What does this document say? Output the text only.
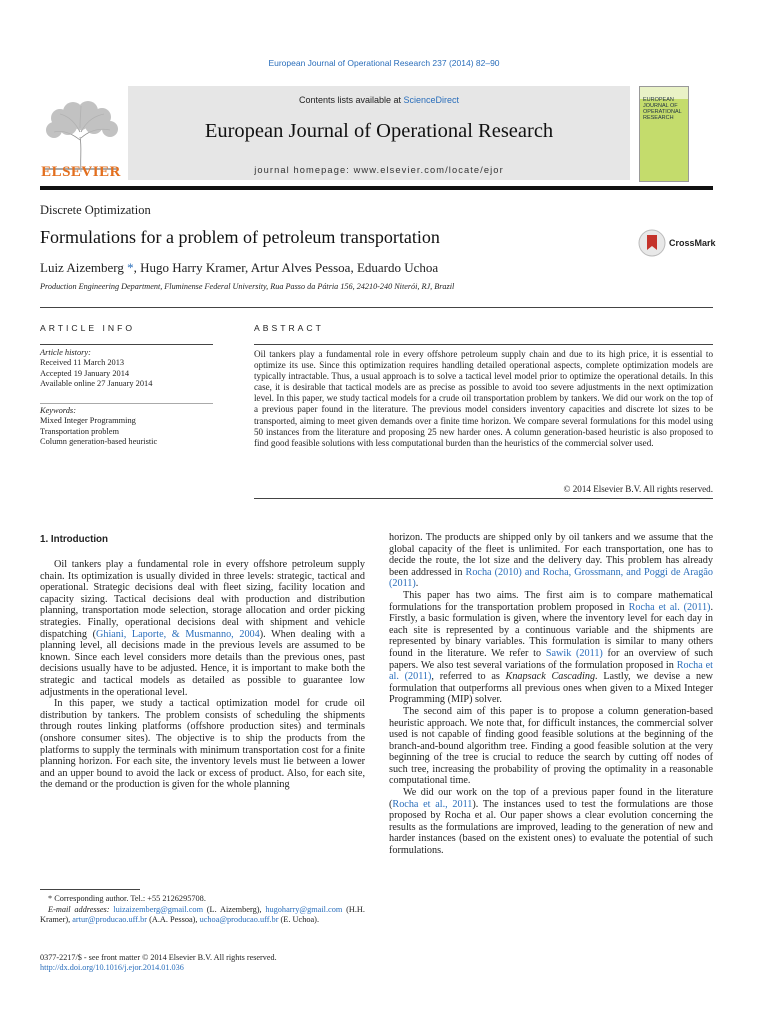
European Journal of Operational Research 237 (2014) 82–90
Contents lists available at ScienceDirect
European Journal of Operational Research
journal homepage: www.elsevier.com/locate/ejor
ELSEVIER
EUROPEAN JOURNAL OF OPERATIONAL RESEARCH
Discrete Optimization
Formulations for a problem of petroleum transportation	CrossMark
Luiz Aizemberg *, Hugo Harry Kramer, Artur Alves Pessoa, Eduardo Uchoa
Production Engineering Department, Fluminense Federal University, Rua Passo da Pátria 156, 24210-240 Niterói, RJ, Brazil
ARTICLE INFO
Article history:
Received 11 March 2013
Accepted 19 January 2014
Available online 27 January 2014
Keywords:
Mixed Integer Programming
Transportation problem
Column generation-based heuristic
ABSTRACT
Oil tankers play a fundamental role in every offshore petroleum supply chain and due to its high price, it is essential to optimize its use. Since this optimization requires handling detailed operational aspects, complete optimization models are typically intractable. Thus, a usual approach is to solve a tactical level model prior to optimize the operational details. In this case, it is desirable that tactical models are as precise as possible to avoid too severe adjustments in the next optimization level. In this paper, we study tactical models for a crude oil transportation problem by tankers. We did our work on the top of a previous paper found in the literature. The previous model considers inventory capacities and discrete lot sizes to be transported, aiming to meet given demands over a finite time horizon. We compare several formulations for this model using 50 instances from the literature and proposing 25 new harder ones. A column generation-based heuristic is also proposed to find good feasible solutions with less computational burden than the heuristics of the commercial solver used.
© 2014 Elsevier B.V. All rights reserved.
1. Introduction

Oil tankers play a fundamental role in every offshore petroleum supply chain. Its optimization is usually divided in three levels: strategic, tactical and operational. Strategic decisions deal with fleet sizing, facility location and capacity sizing. Tactical decisions deal with production and distribution planning, transportation mode selection, storage allocation and order picking strategies. Finally, operational decisions deal with shipment and vehicle dispatching (Ghiani, Laporte, & Musmanno, 2004). When dealing with a planning level, all decisions made in the previous levels are assumed to be known. Since each level considers more details than the previous ones, past decisions usually have to be adjusted. Hence, it is important to make both the strategic and tactical models as detailed as possible to guarantee low adjustments in the operational level.

In this paper, we study a tactical optimization model for crude oil distribution by tankers. The problem consists of scheduling the shipments through routes linking platforms (offshore production sites) and terminals (onshore consumer sites). The objective is to ship the products from the platforms to supply the terminals with minimum transportation cost for a finite planning horizon. For each site, the inventory levels must lie between a lower and an upper bound to avoid the lack or excess of product. Also, for each site, the demand or the production is given for the whole planning

horizon. The products are shipped only by oil tankers and we assume that the global capacity of the fleet is unlimited. For each transportation, one has to decide the route, the lot size and the delivery day. This problem has already been addressed in Rocha (2010) and Rocha, Grossmann, and Poggi de Aragão (2011).

This paper has two aims. The first aim is to compare mathematical formulations for the transportation problem proposed in Rocha et al. (2011). Firstly, a basic formulation is given, where the inventory level for each day in each site is represented by a continuous variable and the shipments are represented by binary variables. This formulation is similar to many others found in the literature. We refer to Sawik (2011) for an overview of such papers. We also test several variations of the formulation proposed in Rocha et al. (2011), referred to as Knapsack Cascading. Lastly, we devise a new formulation that outperforms all previous ones when given to a Mixed Integer Programming (MIP) solver.

The second aim of this paper is to propose a column generation-based heuristic approach. We note that, for difficult instances, the commercial solver used is not capable of finding good feasible solutions at the beginning of the branch-and-bound algorithm tree. Finding a good feasible solution at the very beginning of the tree is crucial to reduce the search by cutting off nodes of such tree, increasing the probability of proving the optimality in a reasonable computational time.

We did our work on the top of a previous paper found in the literature (Rocha et al., 2011). The instances used to test the formulations are those proposed by Rocha et al. Our paper shows a clear evolution concerning the results as the formulations are improved, leading to the generation of new and harder instances (based on the existent ones) to evaluate the potential of such formulations.

* Corresponding author. Tel.: +55 2126295708.

E-mail addresses: luizaizemberg@gmail.com (L. Aizemberg), hugoharry@gmail.com (H.H. Kramer), artur@producao.uff.br (A.A. Pessoa), uchoa@producao.uff.br (E. Uchoa).

0377-2217/$ - see front matter © 2014 Elsevier B.V. All rights reserved.
http://dx.doi.org/10.1016/j.ejor.2014.01.036
